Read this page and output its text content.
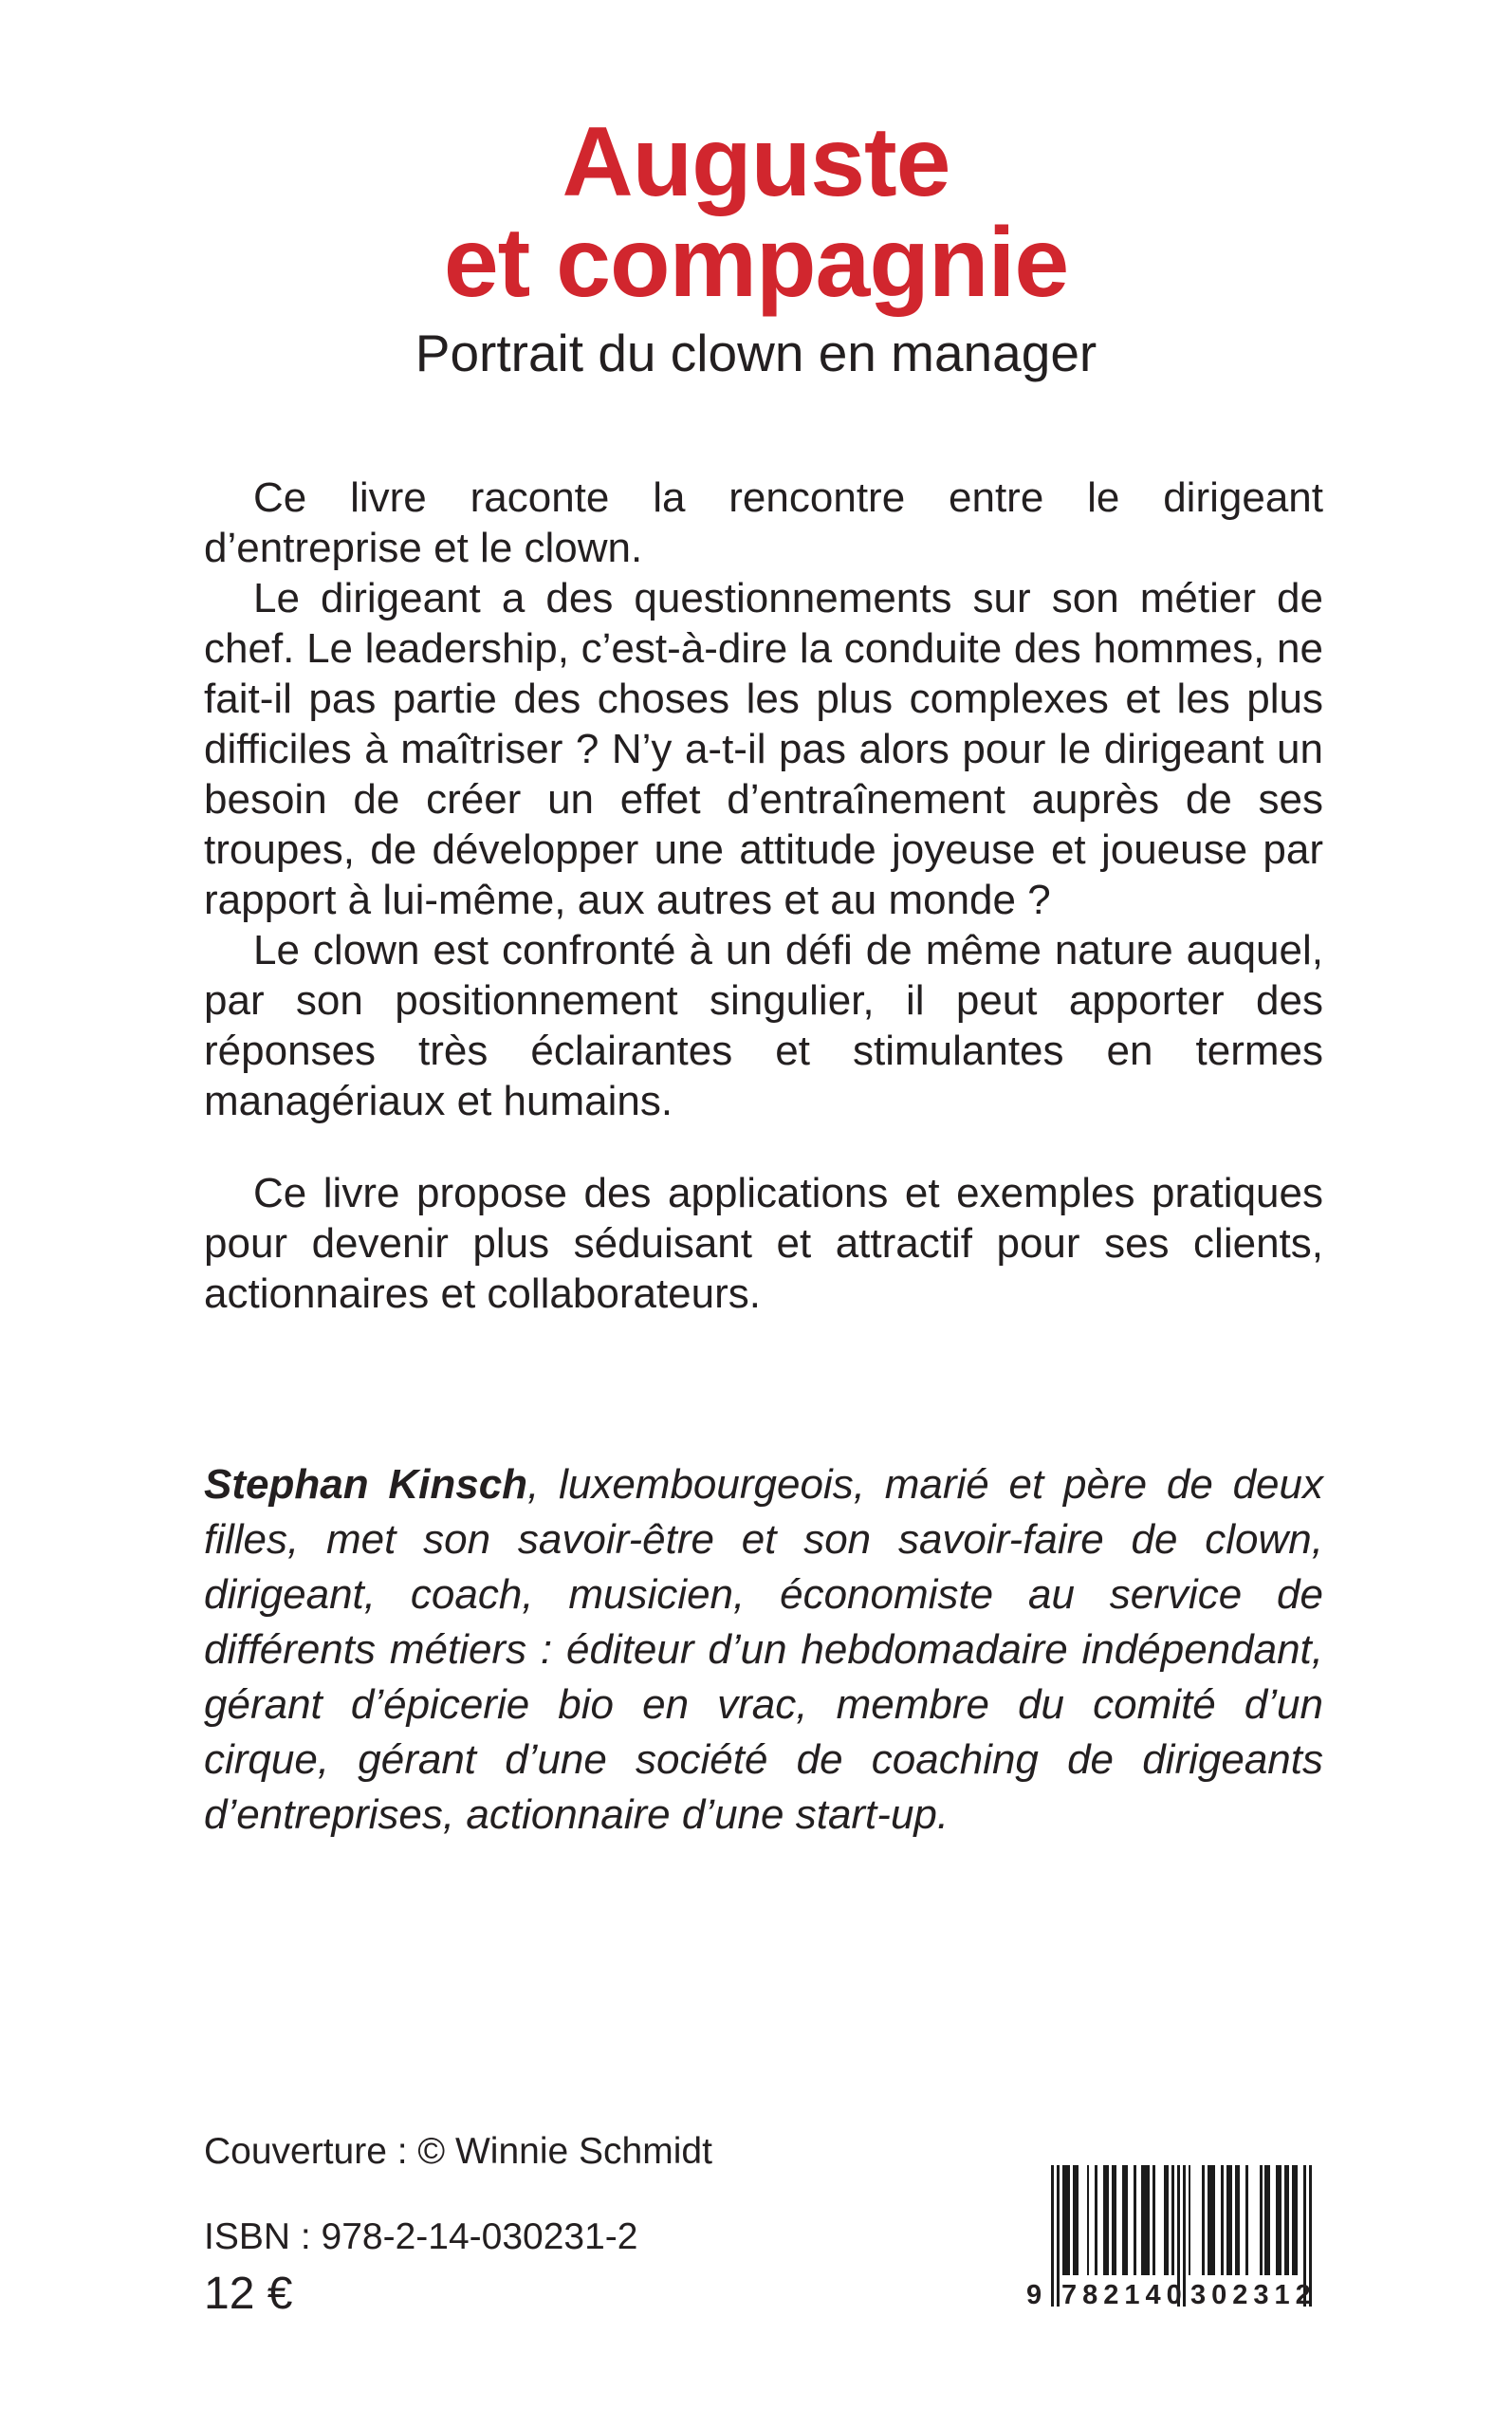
Auguste
et compagnie
Portrait du clown en manager

Ce livre raconte la rencontre entre le dirigeant d’entreprise et le clown.

Le dirigeant a des questionnements sur son métier de chef. Le leadership, c’est-à-dire la conduite des hommes, ne fait-il pas partie des choses les plus complexes et les plus difficiles à maîtriser ? N’y a-t-il pas alors pour le dirigeant un besoin de créer un effet d’entraînement auprès de ses troupes, de développer une attitude joyeuse et joueuse par rapport à lui-même, aux autres et au monde ?

Le clown est confronté à un défi de même nature auquel, par son positionnement singulier, il peut apporter des réponses très éclairantes et stimulantes en termes managériaux et humains.

Ce livre propose des applications et exemples pratiques pour devenir plus séduisant et attractif pour ses clients, actionnaires et collaborateurs.

Stephan Kinsch, luxembourgeois, marié et père de deux filles, met son savoir-être et son savoir-faire de clown, dirigeant, coach, musicien, économiste au service de différents métiers : éditeur d’un hebdomadaire indépendant, gérant d’épicerie bio en vrac, membre du comité d’un cirque, gérant d’une société de coaching de dirigeants d’entreprises, actionnaire d’une start-up.
Couverture : © Winnie Schmidt
ISBN : 978-2-14-030231-2
12 €	9 782140 302312
